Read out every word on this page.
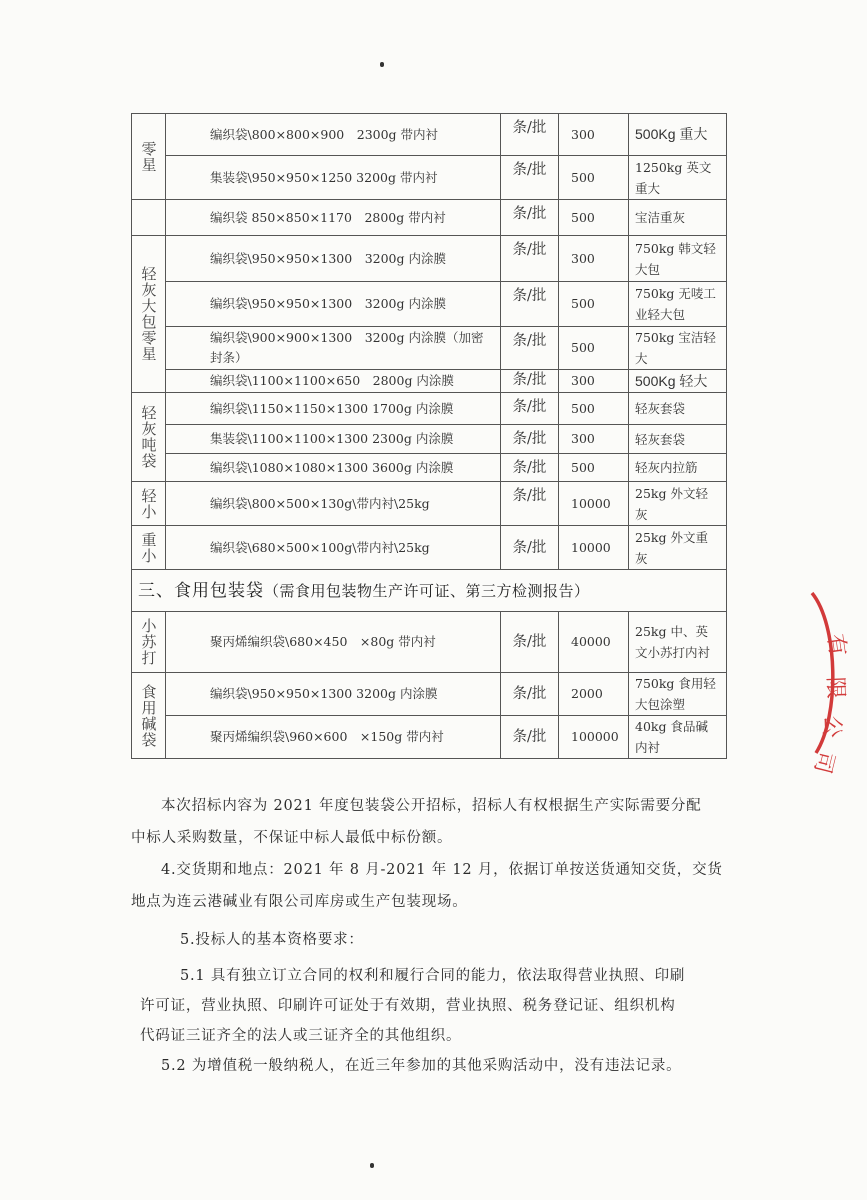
零星	编织袋\800×800×900　2300g 带内衬	条/批	300	500Kg 重大
	集装袋\950×950×1250 3200g 带内衬	条/批	500	1250kg 英文重大
	编织袋 850×850×1170　2800g 带内衬	条/批	500	宝洁重灰
轻灰大包零星	编织袋\950×950×1300　3200g 内涂膜	条/批	300	750kg 韩文轻大包
	编织袋\950×950×1300　3200g 内涂膜	条/批	500	750kg 无唛工业轻大包
	编织袋\900×900×1300　3200g 内涂膜（加密封条）	条/批	500	750kg 宝洁轻大
	编织袋\1100×1100×650　2800g 内涂膜	条/批	300	500Kg 轻大
轻灰吨袋	编织袋\1150×1150×1300 1700g 内涂膜	条/批	500	轻灰套袋
	集装袋\1100×1100×1300 2300g 内涂膜	条/批	300	轻灰套袋
	编织袋\1080×1080×1300 3600g 内涂膜	条/批	500	轻灰内拉筋
轻小	编织袋\800×500×130g\带内衬\25kg	条/批	10000	25kg 外文轻灰
重小	编织袋\680×500×100g\带内衬\25kg	条/批	10000	25kg 外文重灰
三、食用包装袋（需食用包装物生产许可证、第三方检测报告）				
小苏打	聚丙烯编织袋\680×450　×80g 带内衬	条/批	40000	25kg 中、英文小苏打内衬
食用碱袋	编织袋\950×950×1300 3200g 内涂膜	条/批	2000	750kg 食用轻大包涂塑
	聚丙烯编织袋\960×600　×150g 带内衬	条/批	100000	40kg 食品碱内衬
本次招标内容为 2021 年度包装袋公开招标，招标人有权根据生产实际需要分配
中标人采购数量，不保证中标人最低中标份额。
4.交货期和地点：2021 年 8 月-2021 年 12 月，依据订单按送货通知交货，交货
地点为连云港碱业有限公司库房或生产包装现场。
5.投标人的基本资格要求：
5.1 具有独立订立合同的权利和履行合同的能力，依法取得营业执照、印刷
许可证，营业执照、印刷许可证处于有效期，营业执照、税务登记证、组织机构
代码证三证齐全的法人或三证齐全的其他组织。
5.2 为增值税一般纳税人，在近三年参加的其他采购活动中，没有违法记录。
有
限
公
司
